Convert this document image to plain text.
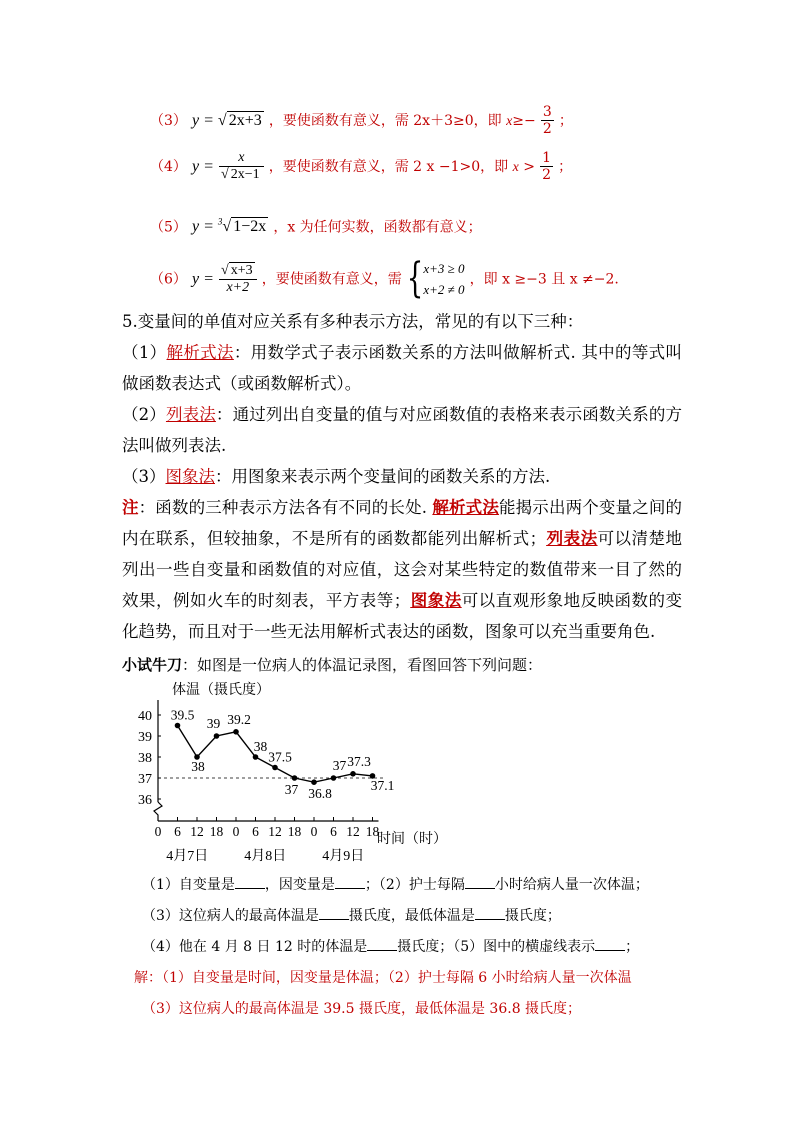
（3） y = √ 2x+3 ，要使函数有意义，需 2x＋3≥0，即 $x\ge- \frac{3}{2}$ ；
（4） $y = \frac{x}{√ 2x-1}$ ，要使函数有意义，需 2 x −1>0，即 $x > \frac{1}{2}$ ；
（5） y = $^3$√ 1−2x ，x 为任何实数，函数都有意义；
（6） $y = \frac{√ x+3}{x+2}$ ，要使函数有意义，需 { x+3 ≥ 0
x+2 ≠ 0
，即 x ≥−3 且 x ≠−2.
5.变量间的单值对应关系有多种表示方法，常见的有以下三种：
（1）解析式法：用数学式子表示函数关系的方法叫做解析式. 其中的等式叫做函数表达式（或函数解析式）。
（2）列表法：通过列出自变量的值与对应函数值的表格来表示函数关系的方法叫做列表法.
（3）图象法：用图象来表示两个变量间的函数关系的方法.
注：函数的三种表示方法各有不同的长处. 解析式法能揭示出两个变量之间的内在联系，但较抽象，不是所有的函数都能列出解析式；列表法可以清楚地列出一些自变量和函数值的对应值，这会对某些特定的数值带来一目了然的效果，例如火车的时刻表，平方表等；图象法可以直观形象地反映函数的变化趋势，而且对于一些无法用解析式表达的函数，图象可以充当重要角色.
小试牛刀：如图是一位病人的体温记录图，看图回答下列问题：
体温（摄氏度）
36
37
38
39
40
0 6 12 18 0 6 12 18 0 6 12 18
4月7日	4月8日	4月9日
39.5
38
39 39.2
38
37.5
37 36.8
37 37.3
37.1
时间（时）
（1）自变量是 ，因变量是 ；（2）护士每隔 小时给病人量一次体温；
（3）这位病人的最高体温是 摄氏度，最低体温是 摄氏度；
（4）他在 4 月 8 日 12 时的体温是 摄氏度；（5）图中的横虚线表示 ；
解：（1）自变量是时间，因变量是体温；（2）护士每隔 6 小时给病人量一次体温
（3）这位病人的最高体温是 39.5 摄氏度，最低体温是 36.8 摄氏度；
